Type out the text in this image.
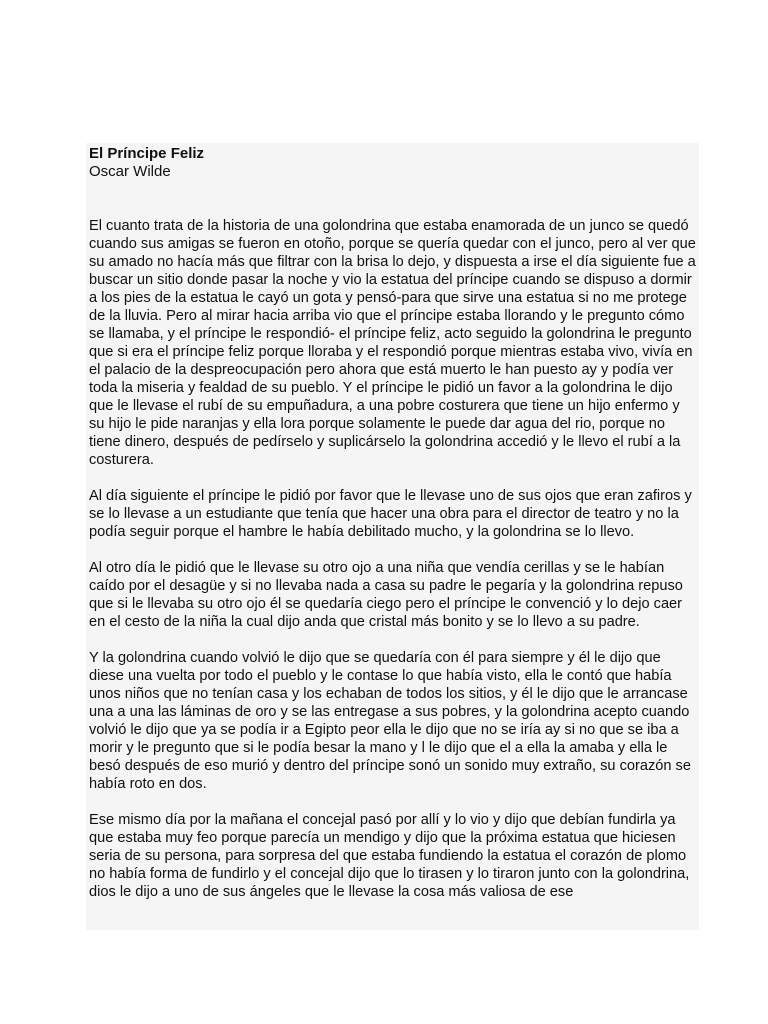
El Príncipe Feliz
Oscar Wilde

El cuanto trata de la historia de una golondrina que estaba enamorada de un junco se quedó cuando sus amigas se fueron en otoño, porque se quería quedar con el junco, pero al ver que su amado no hacía más que filtrar con la brisa lo dejo, y dispuesta a irse el día siguiente fue a buscar un sitio donde pasar la noche y vio la estatua del príncipe cuando se dispuso a dormir a los pies de la estatua le cayó un gota y pensó-para que sirve una estatua si no me protege de la lluvia. Pero al mirar hacia arriba vio que el príncipe estaba llorando y le pregunto cómo se llamaba, y el príncipe le respondió- el príncipe feliz, acto seguido la golondrina le pregunto que si era el príncipe feliz porque lloraba y el respondió porque mientras estaba vivo, vivía en el palacio de la despreocupación pero ahora que está muerto le han puesto ay y podía ver toda la miseria y fealdad de su pueblo. Y el príncipe le pidió un favor a la golondrina le dijo que le llevase el rubí de su empuñadura, a una pobre costurera que tiene un hijo enfermo y su hijo le pide naranjas y ella lora porque solamente le puede dar agua del rio, porque no tiene dinero, después de pedírselo y suplicárselo la golondrina accedió y le llevo el rubí a la costurera.

Al día siguiente el príncipe le pidió por favor que le llevase uno de sus ojos que eran zafiros y se lo llevase a un estudiante que tenía que hacer una obra para el director de teatro y no la podía seguir porque el hambre le había debilitado mucho, y la golondrina se lo llevo.

Al otro día le pidió que le llevase su otro ojo a una niña que vendía cerillas y se le habían caído por el desagüe y si no llevaba nada a casa su padre le pegaría y la golondrina repuso que si le llevaba su otro ojo él se quedaría ciego pero el príncipe le convenció y lo dejo caer en el cesto de la niña la cual dijo anda que cristal más bonito y se lo llevo a su padre.

Y la golondrina cuando volvió le dijo que se quedaría con él para siempre y él le dijo que diese una vuelta por todo el pueblo y le contase lo que había visto, ella le contó que había unos niños que no tenían casa y los echaban de todos los sitios, y él le dijo que le arrancase una a una las láminas de oro y se las entregase a sus pobres, y la golondrina acepto cuando volvió le dijo que ya se podía ir a Egipto peor ella le dijo que no se iría ay si no que se iba a morir y le pregunto que si le podía besar la mano y l le dijo que el a ella la amaba y ella le besó después de eso murió y dentro del príncipe sonó un sonido muy extraño, su corazón se había roto en dos.

Ese mismo día por la mañana el concejal pasó por allí y lo vio y dijo que debían fundirla ya que estaba muy feo porque parecía un mendigo y dijo que la próxima estatua que hiciesen seria de su persona, para sorpresa del que estaba fundiendo la estatua el corazón de plomo no había forma de fundirlo y el concejal dijo que lo tirasen y lo tiraron junto con la golondrina, dios le dijo a uno de sus ángeles que le llevase la cosa más valiosa de ese
